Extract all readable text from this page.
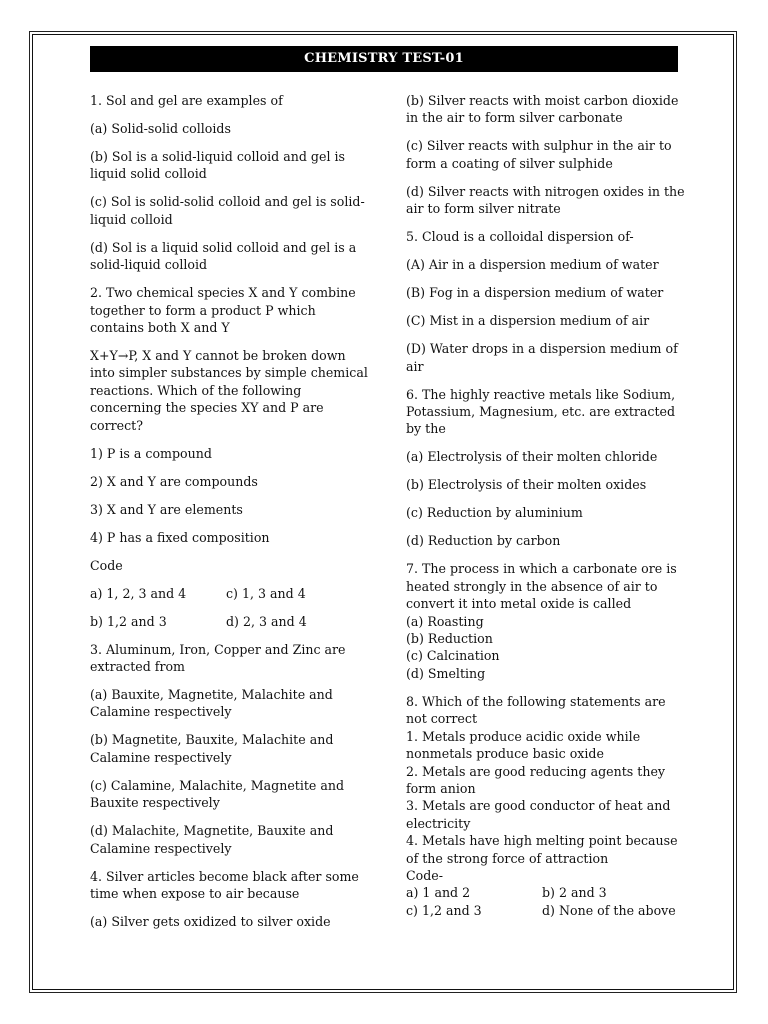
CHEMISTRY TEST-01

1. Sol and gel are examples of

(a) Solid-solid colloids

(b) Sol is a solid-liquid colloid and gel is liquid solid colloid

(c) Sol is solid-solid colloid and gel is solid-liquid colloid

(d) Sol is a liquid solid colloid and gel is a solid-liquid colloid

2. Two chemical species X and Y combine together to form a product P which contains both X and Y

X+Y→P, X and Y cannot be broken down into simpler substances by simple chemical reactions. Which of the following concerning the species XY and P are correct?

1) P is a compound

2) X and Y are compounds

3) X and Y are elements

4) P has a fixed composition

Code

a) 1, 2, 3 and 4	c) 1, 3 and 4
b) 1,2 and 3	d) 2, 3 and 4

3. Aluminum, Iron, Copper and Zinc are extracted from

(a) Bauxite, Magnetite, Malachite and Calamine respectively

(b) Magnetite, Bauxite, Malachite and Calamine respectively

(c) Calamine, Malachite, Magnetite and Bauxite respectively

(d) Malachite, Magnetite, Bauxite and Calamine respectively

4. Silver articles become black after some time when expose to air because

(a) Silver gets oxidized to silver oxide

(b) Silver reacts with moist carbon dioxide in the air to form silver carbonate

(c) Silver reacts with sulphur in the air to form a coating of silver sulphide

(d) Silver reacts with nitrogen oxides in the air to form silver nitrate

5. Cloud is a colloidal dispersion of-

(A) Air in a dispersion medium of water

(B) Fog in a dispersion medium of water

(C) Mist in a dispersion medium of air

(D) Water drops in a dispersion medium of air

6. The highly reactive metals like Sodium, Potassium, Magnesium, etc. are extracted by the

(a) Electrolysis of their molten chloride

(b) Electrolysis of their molten oxides

(c) Reduction by aluminium

(d) Reduction by carbon

7. The process in which a carbonate ore is heated strongly in the absence of air to convert it into metal oxide is called
(a) Roasting
(b) Reduction
(c) Calcination
(d) Smelting
8. Which of the following statements are not correct
1. Metals produce acidic oxide while nonmetals produce basic oxide
2. Metals are good reducing agents they form anion
3. Metals are good conductor of heat and electricity
4. Metals have high melting point because of the strong force of attraction
Code-
a) 1 and 2	b) 2 and 3
c) 1,2 and 3	d) None of the above
